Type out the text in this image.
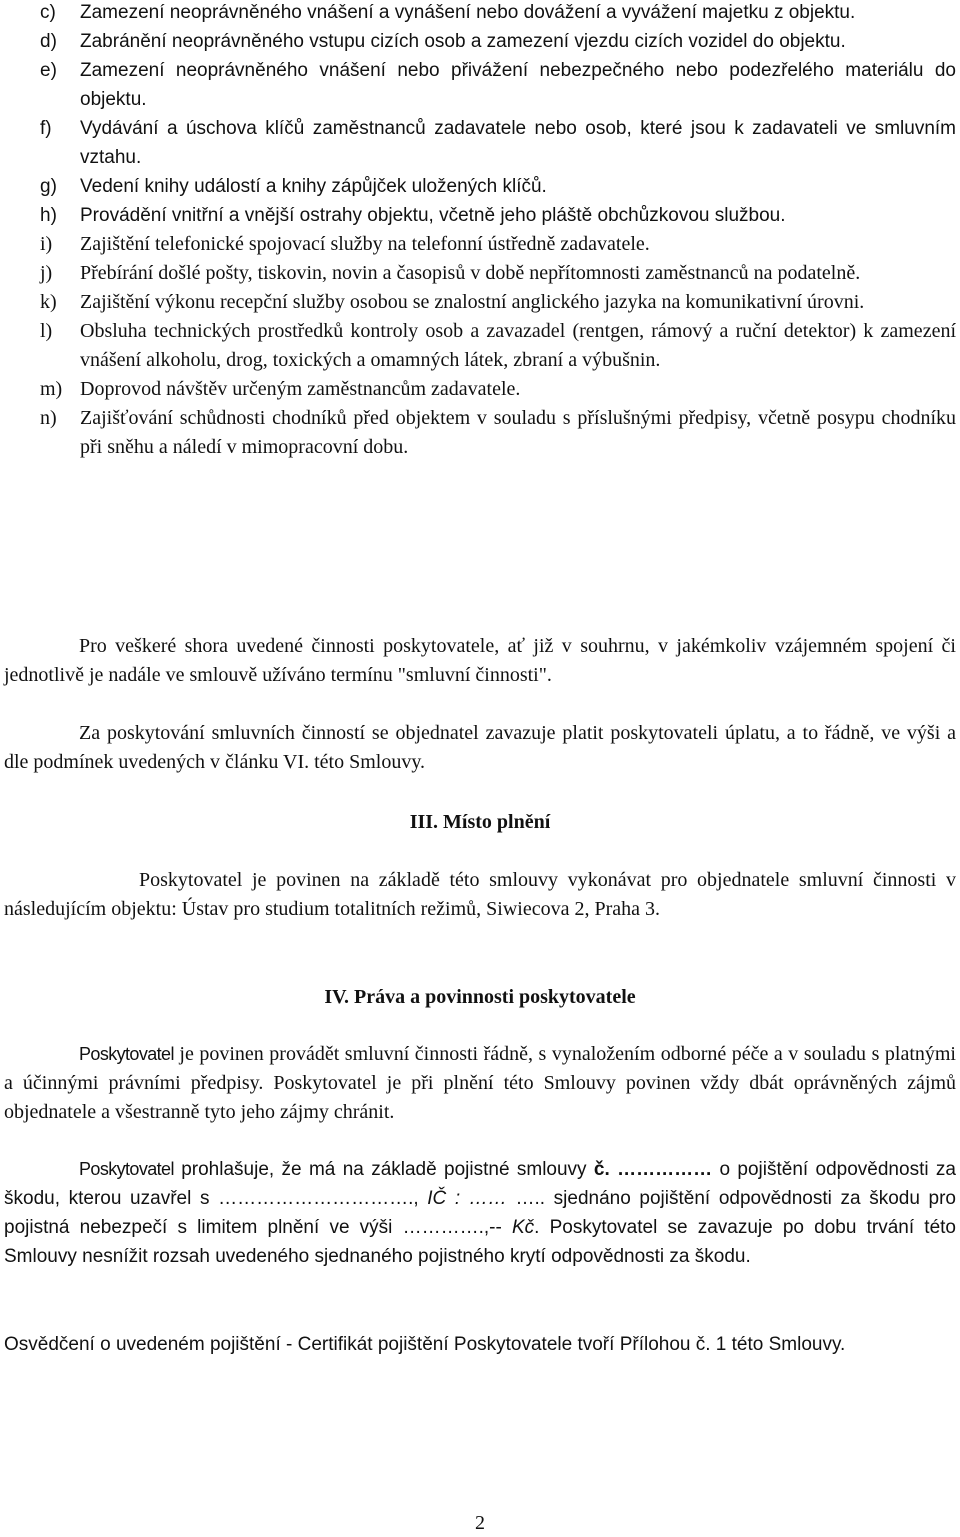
c) Zamezení neoprávněného vnášení a vynášení nebo dovážení a vyvážení majetku z objektu.
d) Zabránění neoprávněného vstupu cizích osob a zamezení vjezdu cizích vozidel do objektu.
e) Zamezení neoprávněného vnášení nebo přivážení nebezpečného nebo podezřelého materiálu do objektu.
f) Vydávání a úschova klíčů zaměstnanců zadavatele nebo osob, které jsou k zadavateli ve smluvním vztahu.
g) Vedení knihy událostí a knihy zápůjček uložených klíčů.
h) Provádění vnitřní a vnější ostrahy objektu, včetně jeho pláště obchůzkovou službou.
i) Zajištění telefonické spojovací služby na telefonní ústředně zadavatele.
j) Přebírání došlé pošty, tiskovin, novin a časopisů v době nepřítomnosti zaměstnanců na podatelně.
k) Zajištění výkonu recepční služby osobou se znalostní anglického jazyka na komunikativní úrovni.
l) Obsluha technických prostředků kontroly osob a zavazadel (rentgen, rámový a ruční detektor) k zamezení vnášení alkoholu, drog, toxických a omamných látek, zbraní a výbušnin.
m) Doprovod návštěv určeným zaměstnancům zadavatele.
n) Zajišťování schůdnosti chodníků před objektem v souladu s příslušnými předpisy, včetně posypu chodníku při sněhu a náledí v mimopracovní dobu.

Pro veškeré shora uvedené činnosti poskytovatele, ať již v souhrnu, v jakémkoliv vzájemném spojení či jednotlivě je nadále ve smlouvě užíváno termínu "smluvní činnosti".

Za poskytování smluvních činností se objednatel zavazuje platit poskytovateli úplatu, a to řádně, ve výši a dle podmínek uvedených v článku VI. této Smlouvy.

III. Místo plnění

Poskytovatel je povinen na základě této smlouvy vykonávat pro objednatele smluvní činnosti v následujícím objektu: Ústav pro studium totalitních režimů, Siwiecova 2, Praha 3.

IV. Práva a povinnosti poskytovatele

Poskytovatel je povinen provádět smluvní činnosti řádně, s vynaložením odborné péče a v souladu s platnými a účinnými právními předpisy. Poskytovatel je při plnění této Smlouvy povinen vždy dbát oprávněných zájmů objednatele a všestranně tyto jeho zájmy chránit.

Poskytovatel prohlašuje, že má na základě pojistné smlouvy č. …………… o pojištění odpovědnosti za škodu, kterou uzavřel s …………………………., IČ : …… ….. sjednáno pojištění odpovědnosti za škodu pro pojistná nebezpečí s limitem plnění ve výši ………….,-- Kč. Poskytovatel se zavazuje po dobu trvání této Smlouvy nesnížit rozsah uvedeného sjednaného pojistného krytí odpovědnosti za škodu.

Osvědčení o uvedeném pojištění - Certifikát pojištění Poskytovatele tvoří Přílohou č. 1 této Smlouvy.

2
